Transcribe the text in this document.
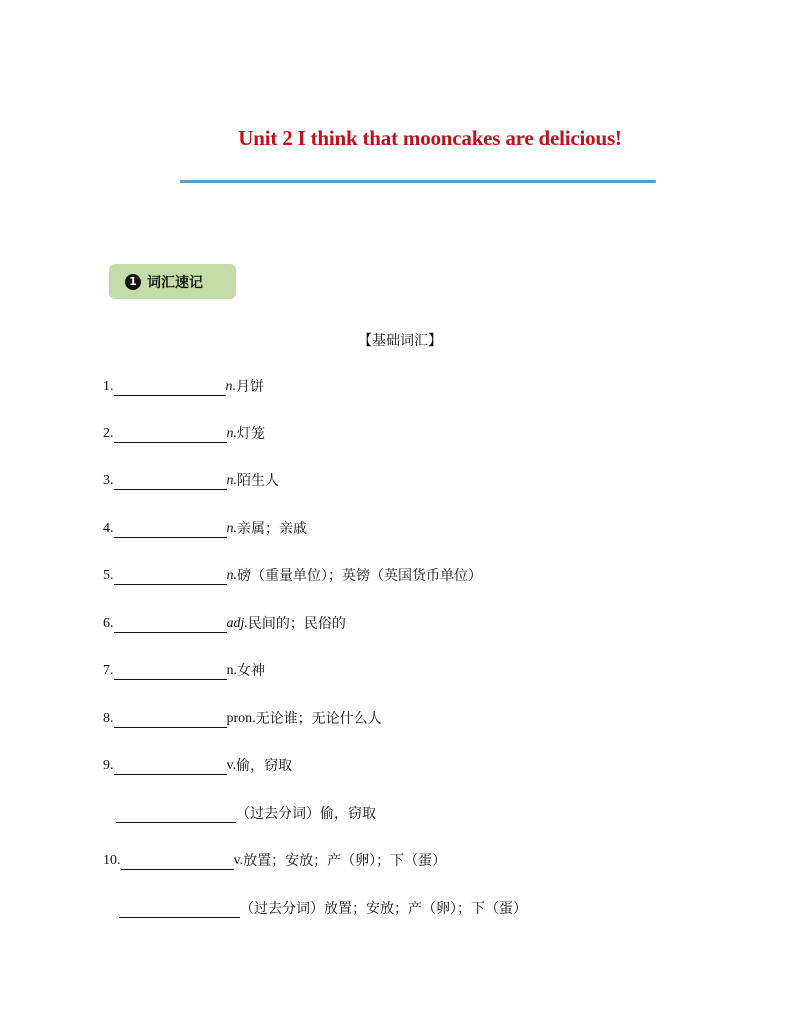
Unit 2 I think that mooncakes are delicious!
1 词汇速记
【基础词汇】
1.	n. 月饼
2.	n. 灯笼
3.	n. 陌生人
4.	n. 亲属；亲戚
5.	n. 磅（重量单位）；英镑（英国货币单位）
6.	adj. 民间的；民俗的
7.	n. 女神
8.	pron. 无论谁；无论什么人
9.	v. 偷，窃取
（过去分词）偷，窃取
10.	v. 放置；安放；产（卵）；下（蛋）
（过去分词）放置；安放；产（卵）；下（蛋）
